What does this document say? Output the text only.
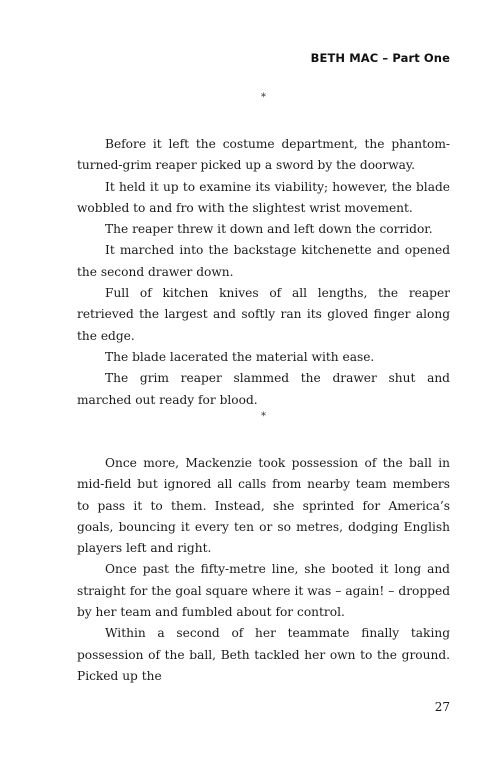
BETH MAC – Part One
*

Before it left the costume department, the phantom-turned-grim reaper picked up a sword by the doorway.

It held it up to examine its viability; however, the blade wobbled to and fro with the slightest wrist movement.

The reaper threw it down and left down the corridor.

It marched into the backstage kitchenette and opened the second drawer down.

Full of kitchen knives of all lengths, the reaper retrieved the largest and softly ran its gloved finger along the edge.

The blade lacerated the material with ease.

The grim reaper slammed the drawer shut and marched out ready for blood.

*

Once more, Mackenzie took possession of the ball in mid-field but ignored all calls from nearby team members to pass it to them. Instead, she sprinted for America’s goals, bouncing it every ten or so metres, dodging English players left and right.

Once past the fifty-metre line, she booted it long and straight for the goal square where it was – again! – dropped by her team and fumbled about for control.

Within a second of her teammate finally taking possession of the ball, Beth tackled her own to the ground. Picked up the

27
